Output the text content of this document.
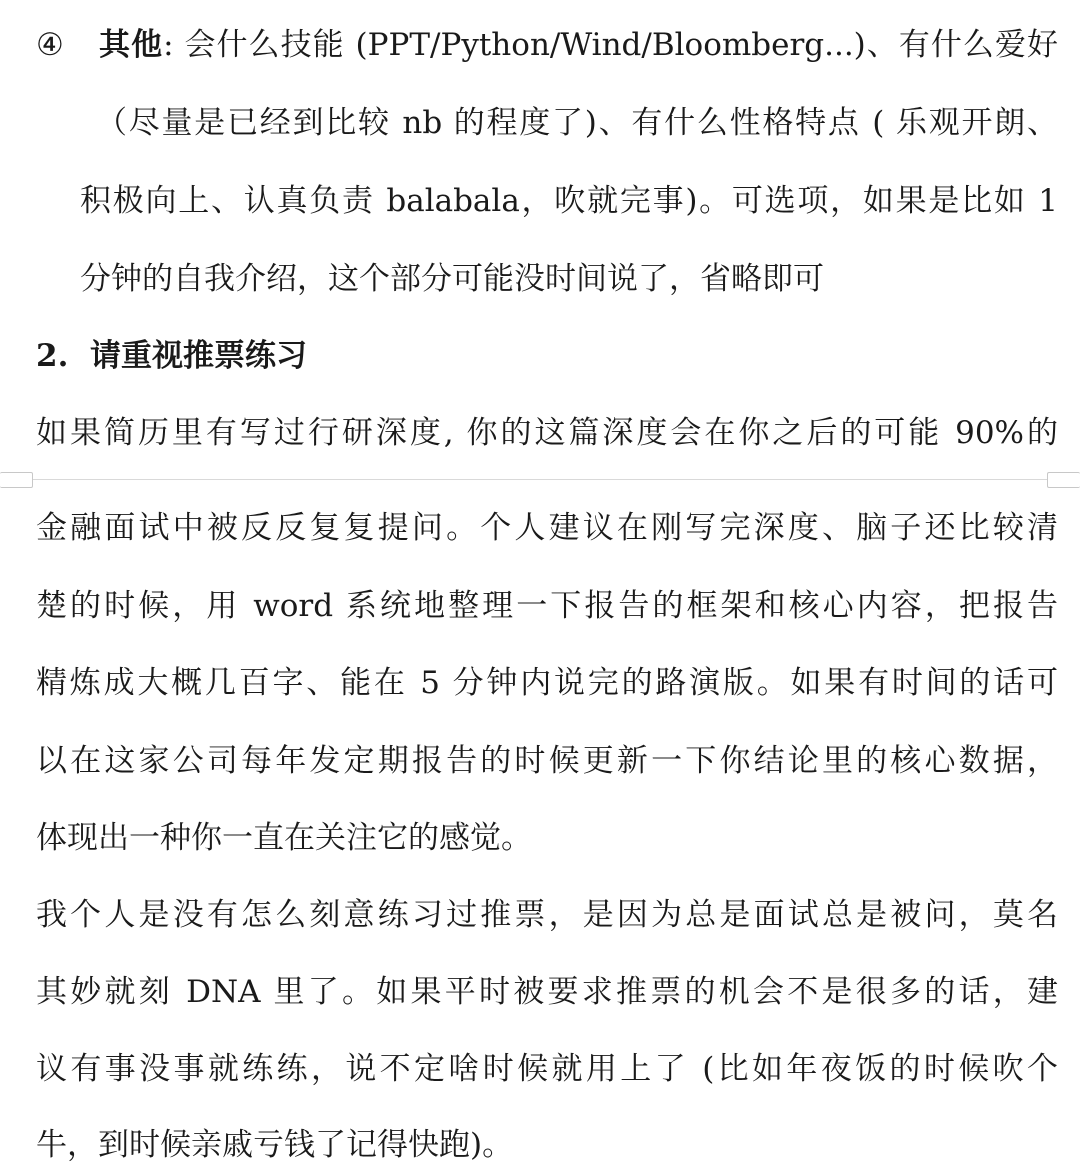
④ 其他: 会什么技能 (PPT/Python/Wind/Bloomberg...)、有什么爱好
（尽量是已经到比较 nb 的程度了)、有什么性格特点 ( 乐观开朗、
积极向上、认真负责 balabala，吹就完事)。可选项，如果是比如 1
分钟的自我介绍，这个部分可能没时间说了，省略即可
2. 请重视推票练习
如果简历里有写过行研深度, 你的这篇深度会在你之后的可能 90%的
金融面试中被反反复复提问。个人建议在刚写完深度、脑子还比较清
楚的时候，用 word 系统地整理一下报告的框架和核心内容，把报告
精炼成大概几百字、能在 5 分钟内说完的路演版。如果有时间的话可
以在这家公司每年发定期报告的时候更新一下你结论里的核心数据，
体现出一种你一直在关注它的感觉。
我个人是没有怎么刻意练习过推票，是因为总是面试总是被问，莫名
其妙就刻 DNA 里了。如果平时被要求推票的机会不是很多的话，建
议有事没事就练练，说不定啥时候就用上了 (比如年夜饭的时候吹个
牛，到时候亲戚亏钱了记得快跑)。
